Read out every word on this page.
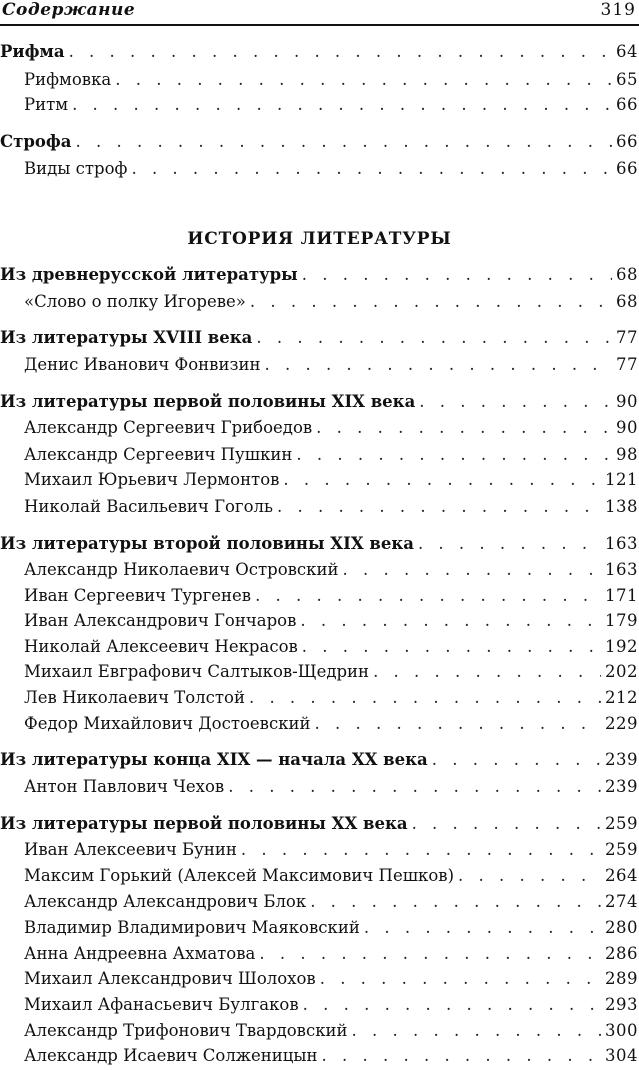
Содержание	319
ИСТОРИЯ ЛИТЕРАТУРЫ
Рифма . . .	64
Рифмовка . . .	65
Ритм . . .	66
Строфа . . .	66
Виды строф . . .	66
Из древнерусской литературы . . .	68
«Слово о полку Игореве» . . .	68
Из литературы XVIII века . . .	77
Денис Иванович Фонвизин . . .	77
Из литературы первой половины XIX века . . .	90
Александр Сергеевич Грибоедов . . .	90
Александр Сергеевич Пушкин . . .	98
Михаил Юрьевич Лермонтов . . .	121
Николай Васильевич Гоголь . . .	138
Из литературы второй половины XIX века . . .	163
Александр Николаевич Островский . . .	163
Иван Сергеевич Тургенев . . .	171
Иван Александрович Гончаров . . .	179
Николай Алексеевич Некрасов . . .	192
Михаил Евграфович Салтыков-Щедрин . . .	202
Лев Николаевич Толстой . . .	212
Федор Михайлович Достоевский . . .	229
Из литературы конца XIX — начала XX века . . .	239
Антон Павлович Чехов . . .	239
Из литературы первой половины XX века . . .	259
Иван Алексеевич Бунин . . .	259
Максим Горький (Алексей Максимович Пешков) . . .	264
Александр Александрович Блок . . .	274
Владимир Владимирович Маяковский . . .	280
Анна Андреевна Ахматова . . .	286
Михаил Александрович Шолохов . . .	289
Михаил Афанасьевич Булгаков . . .	293
Александр Трифонович Твардовский . . .	300
Александр Исаевич Солженицын . . .	304
